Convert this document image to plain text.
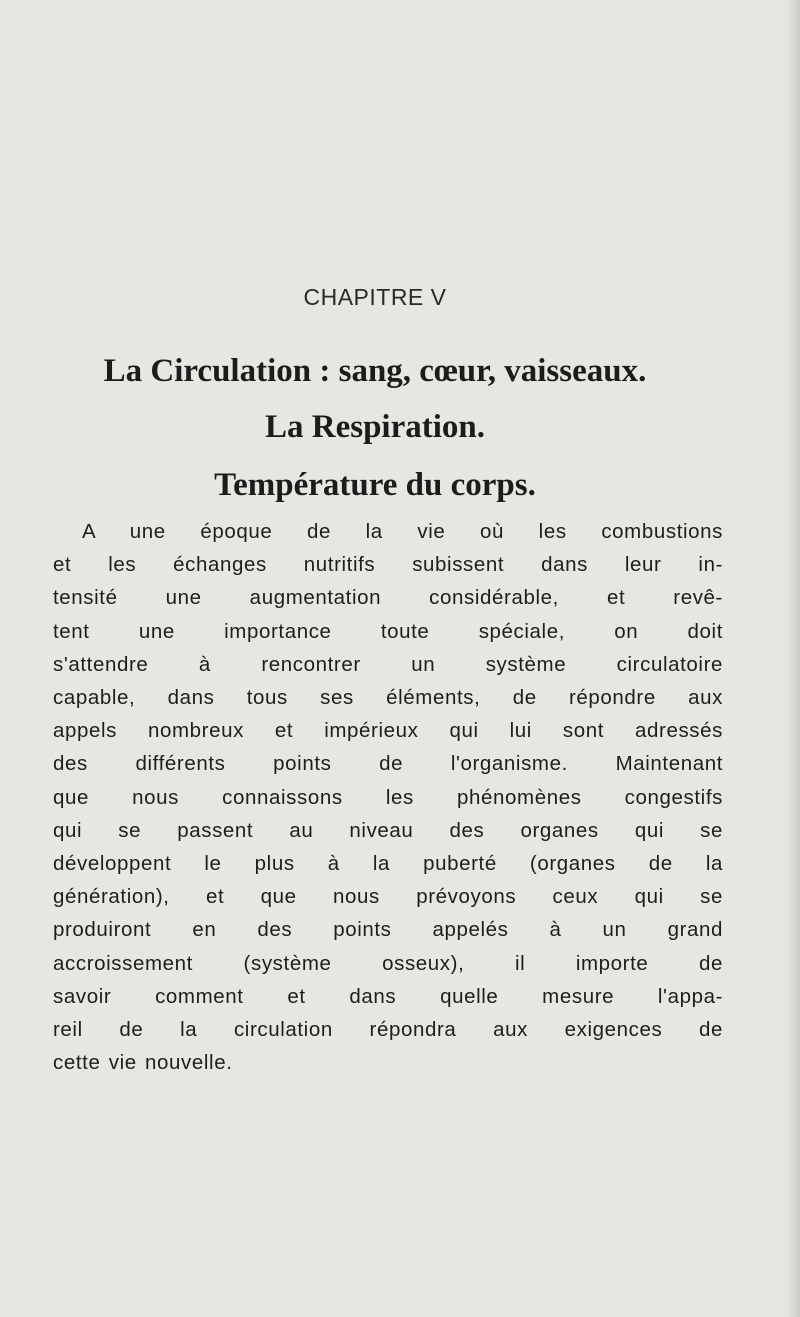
CHAPITRE V
La Circulation : sang, cœur, vaisseaux.
La Respiration.
Température du corps.

A une époque de la vie où les combustions
et les échanges nutritifs subissent dans leur in-
tensité une augmentation considérable, et revê-
tent une importance toute spéciale, on doit
s'attendre à rencontrer un système circulatoire
capable, dans tous ses éléments, de répondre aux
appels nombreux et impérieux qui lui sont adressés
des différents points de l'organisme. Maintenant
que nous connaissons les phénomènes congestifs
qui se passent au niveau des organes qui se
développent le plus à la puberté (organes de la
génération), et que nous prévoyons ceux qui se
produiront en des points appelés à un grand
accroissement (système osseux), il importe de
savoir comment et dans quelle mesure l'appa-
reil de la circulation répondra aux exigences de
cette vie nouvelle.
